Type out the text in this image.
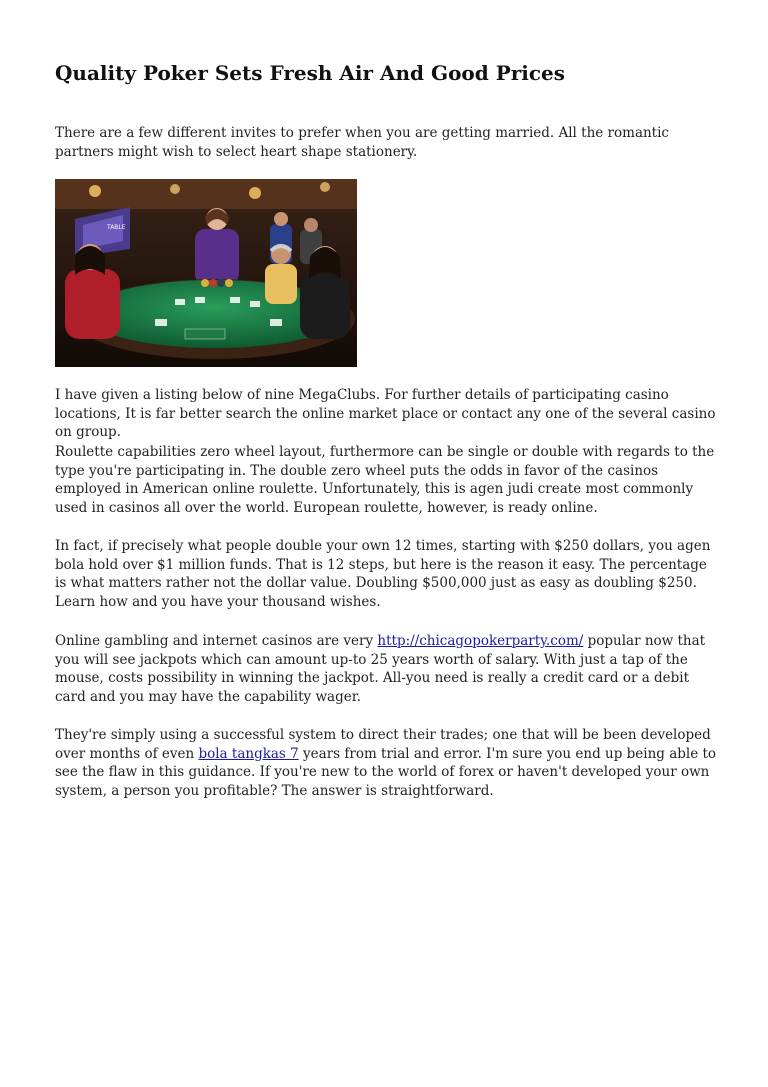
Quality Poker Sets Fresh Air And Good Prices

There are a few different invites to prefer when you are getting married. All the romantic partners might wish to select heart shape stationery.

TABLE

I have given a listing below of nine MegaClubs. For further details of participating casino locations, It is far better search the online market place or contact any one of the several casino on group.

Roulette capabilities zero wheel layout, furthermore can be single or double with regards to the type you're participating in. The double zero wheel puts the odds in favor of the casinos employed in American online roulette. Unfortunately, this is agen judi create most commonly used in casinos all over the world. European roulette, however, is ready online.

In fact, if precisely what people double your own 12 times, starting with $250 dollars, you agen bola hold over $1 million funds. That is 12 steps, but here is the reason it easy. The percentage is what matters rather not the dollar value. Doubling $500,000 just as easy as doubling $250. Learn how and you have your thousand wishes.

Online gambling and internet casinos are very http://chicagopokerparty.com/ popular now that you will see jackpots which can amount up-to 25 years worth of salary. With just a tap of the mouse, costs possibility in winning the jackpot. All-you need is really a credit card or a debit card and you may have the capability wager.

They're simply using a successful system to direct their trades; one that will be been developed over months of even bola tangkas 7 years from trial and error. I'm sure you end up being able to see the flaw in this guidance. If you're new to the world of forex or haven't developed your own system, a person you profitable? The answer is straightforward.
